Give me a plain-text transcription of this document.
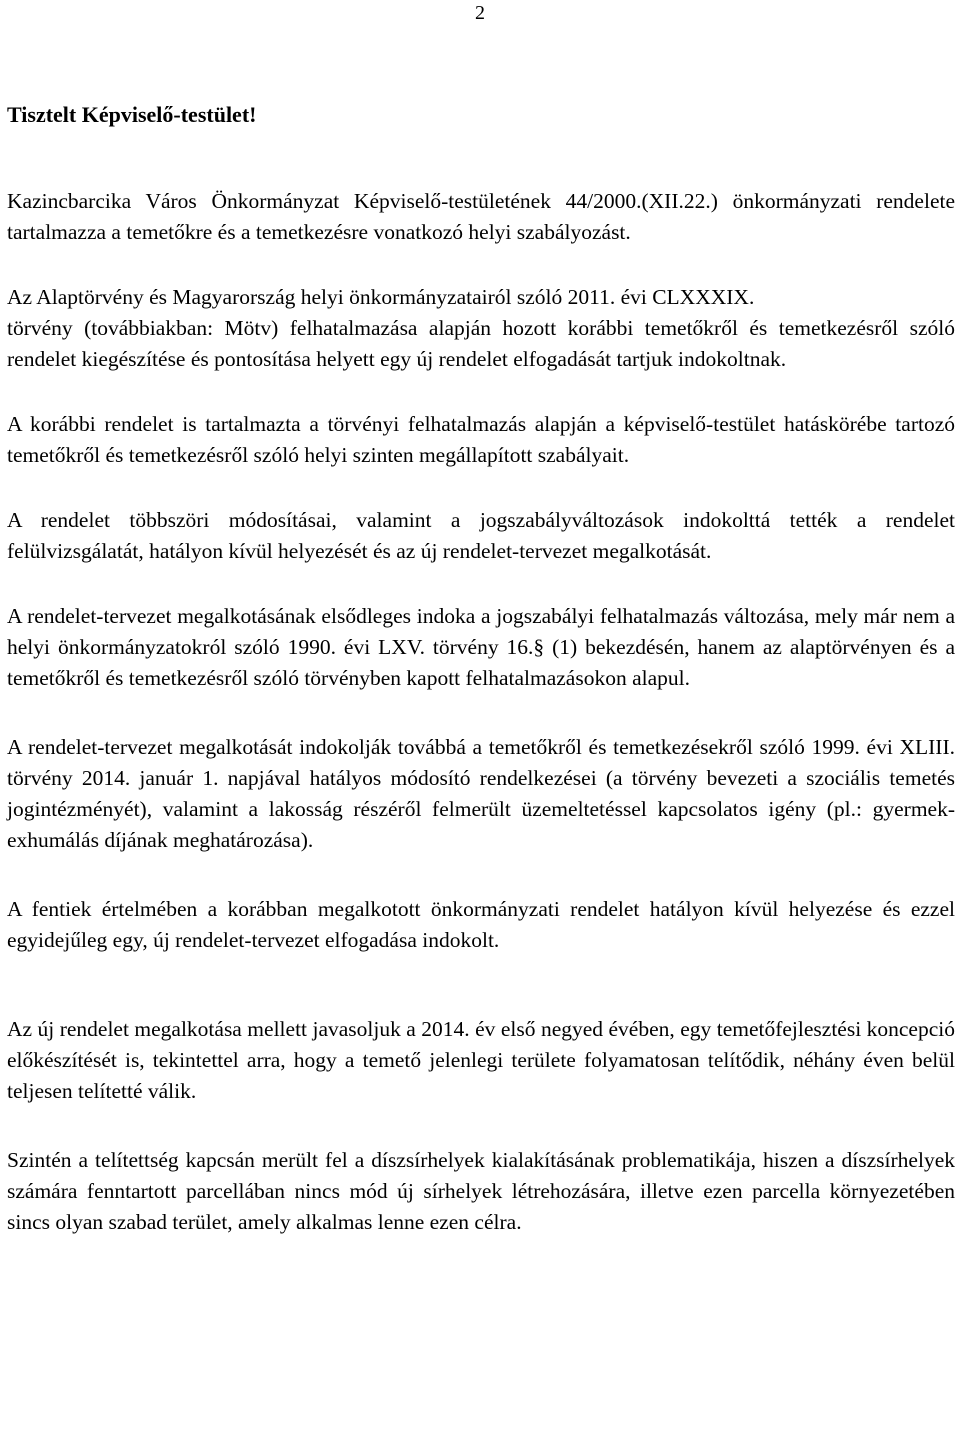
2

Tisztelt Képviselő-testület!

Kazincbarcika Város Önkormányzat Képviselő-testületének 44/2000.(XII.22.) önkormányzati rendelete tartalmazza a temetőkre és a temetkezésre vonatkozó helyi szabályozást.

Az Alaptörvény és Magyarország helyi önkormányzatairól szóló 2011. évi CLXXXIX.

törvény (továbbiakban: Mötv) felhatalmazása alapján hozott korábbi temetőkről és temetkezésről szóló rendelet kiegészítése és pontosítása helyett egy új rendelet elfogadását tartjuk indokoltnak.

A korábbi rendelet is tartalmazta a törvényi felhatalmazás alapján a képviselő-testület hatáskörébe tartozó temetőkről és temetkezésről szóló helyi szinten megállapított szabályait.

A rendelet többszöri módosításai, valamint a jogszabályváltozások indokolttá tették a rendelet felülvizsgálatát, hatályon kívül helyezését és az új rendelet-tervezet megalkotását.

A rendelet-tervezet megalkotásának elsődleges indoka a jogszabályi felhatalmazás változása, mely már nem a helyi önkormányzatokról szóló 1990. évi LXV. törvény 16.§ (1) bekezdésén, hanem az alaptörvényen és a temetőkről és temetkezésről szóló törvényben kapott felhatalmazásokon alapul.

A rendelet-tervezet megalkotását indokolják továbbá a temetőkről és temetkezésekről szóló 1999. évi XLIII. törvény 2014. január 1. napjával hatályos módosító rendelkezései (a törvény bevezeti a szociális temetés jogintézményét), valamint a lakosság részéről felmerült üzemeltetéssel kapcsolatos igény (pl.: gyermek-exhumálás díjának meghatározása).

A fentiek értelmében a korábban megalkotott önkormányzati rendelet hatályon kívül helyezése és ezzel egyidejűleg egy, új rendelet-tervezet elfogadása indokolt.

Az új rendelet megalkotása mellett javasoljuk a 2014. év első negyed évében, egy temetőfejlesztési koncepció előkészítését is, tekintettel arra, hogy a temető jelenlegi területe folyamatosan telítődik, néhány éven belül teljesen telítetté válik.

Szintén a telítettség kapcsán merült fel a díszsírhelyek kialakításának problematikája, hiszen a díszsírhelyek számára fenntartott parcellában nincs mód új sírhelyek létrehozására, illetve ezen parcella környezetében sincs olyan szabad terület, amely alkalmas lenne ezen célra.
